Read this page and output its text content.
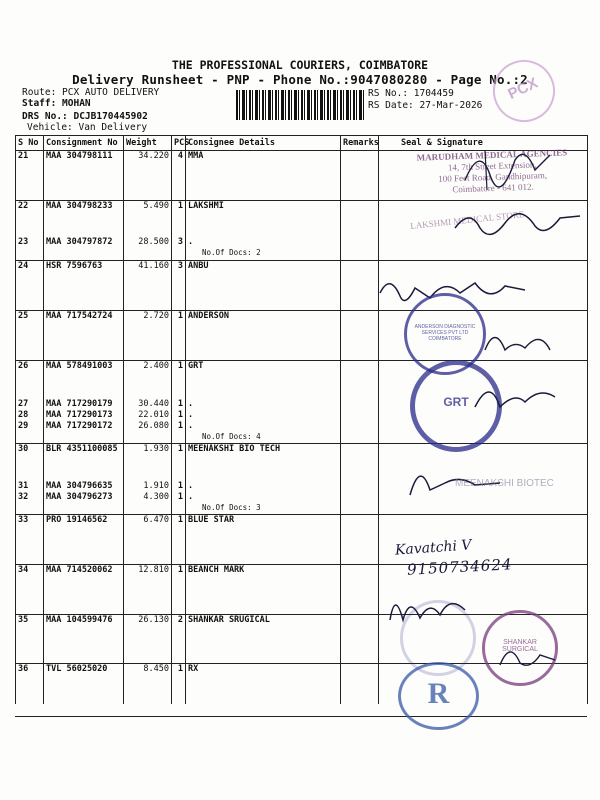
THE PROFESSIONAL COURIERS, COIMBATORE
Delivery Runsheet - PNP - Phone No.:9047080280 - Page No.:2
Route: PCX AUTO DELIVERY
Staff: MOHAN
DRS No.: DCJB170445902
Vehicle: Van Delivery
RS No.: 1704459
RS Date: 27-Mar-2026
PCX
S No	Consignment No	Weight	PCS	Consignee Details	Remarks	Seal & Signature
21	MAA 304798111	34.220	4	MMA		
22	MAA 304798233	5.490	1	LAKSHMI		
23	MAA 304797872	28.500	3	.		
				No.Of Docs: 2		
24	HSR 7596763	41.160	3	ANBU		
25	MAA 717542724	2.720	1	ANDERSON		
26	MAA 578491003	2.400	1	GRT		
27	MAA 717290179	30.440	1	.		
28	MAA 717290173	22.010	1	.		
29	MAA 717290172	26.080	1	.		
				No.Of Docs: 4		
30	BLR 4351100085	1.930	1	MEENAKSHI BIO TECH		
31	MAA 304796635	1.910	1	.		
32	MAA 304796273	4.300	1	.		
				No.Of Docs: 3		
33	PRO 19146562	6.470	1	BLUE STAR		
34	MAA 714520062	12.810	1	BEANCH MARK		
35	MAA 104599476	26.130	2	SHANKAR SRUGICAL		
36	TVL 56025020	8.450	1	RX		
MARUDHAM MEDICAL AGENCIES
14, 7th Street Extension,
100 Feet Road, Gandhipuram,
Coimbatore - 641 012.
LAKSHMI MEDICAL STORE
ANDERSON DIAGNOSTIC SERVICES PVT LTD COIMBATORE
GRT
MEENAKSHI BIOTEC
Kavatchi V
9150734624
SHANKAR SURGICAL
R
